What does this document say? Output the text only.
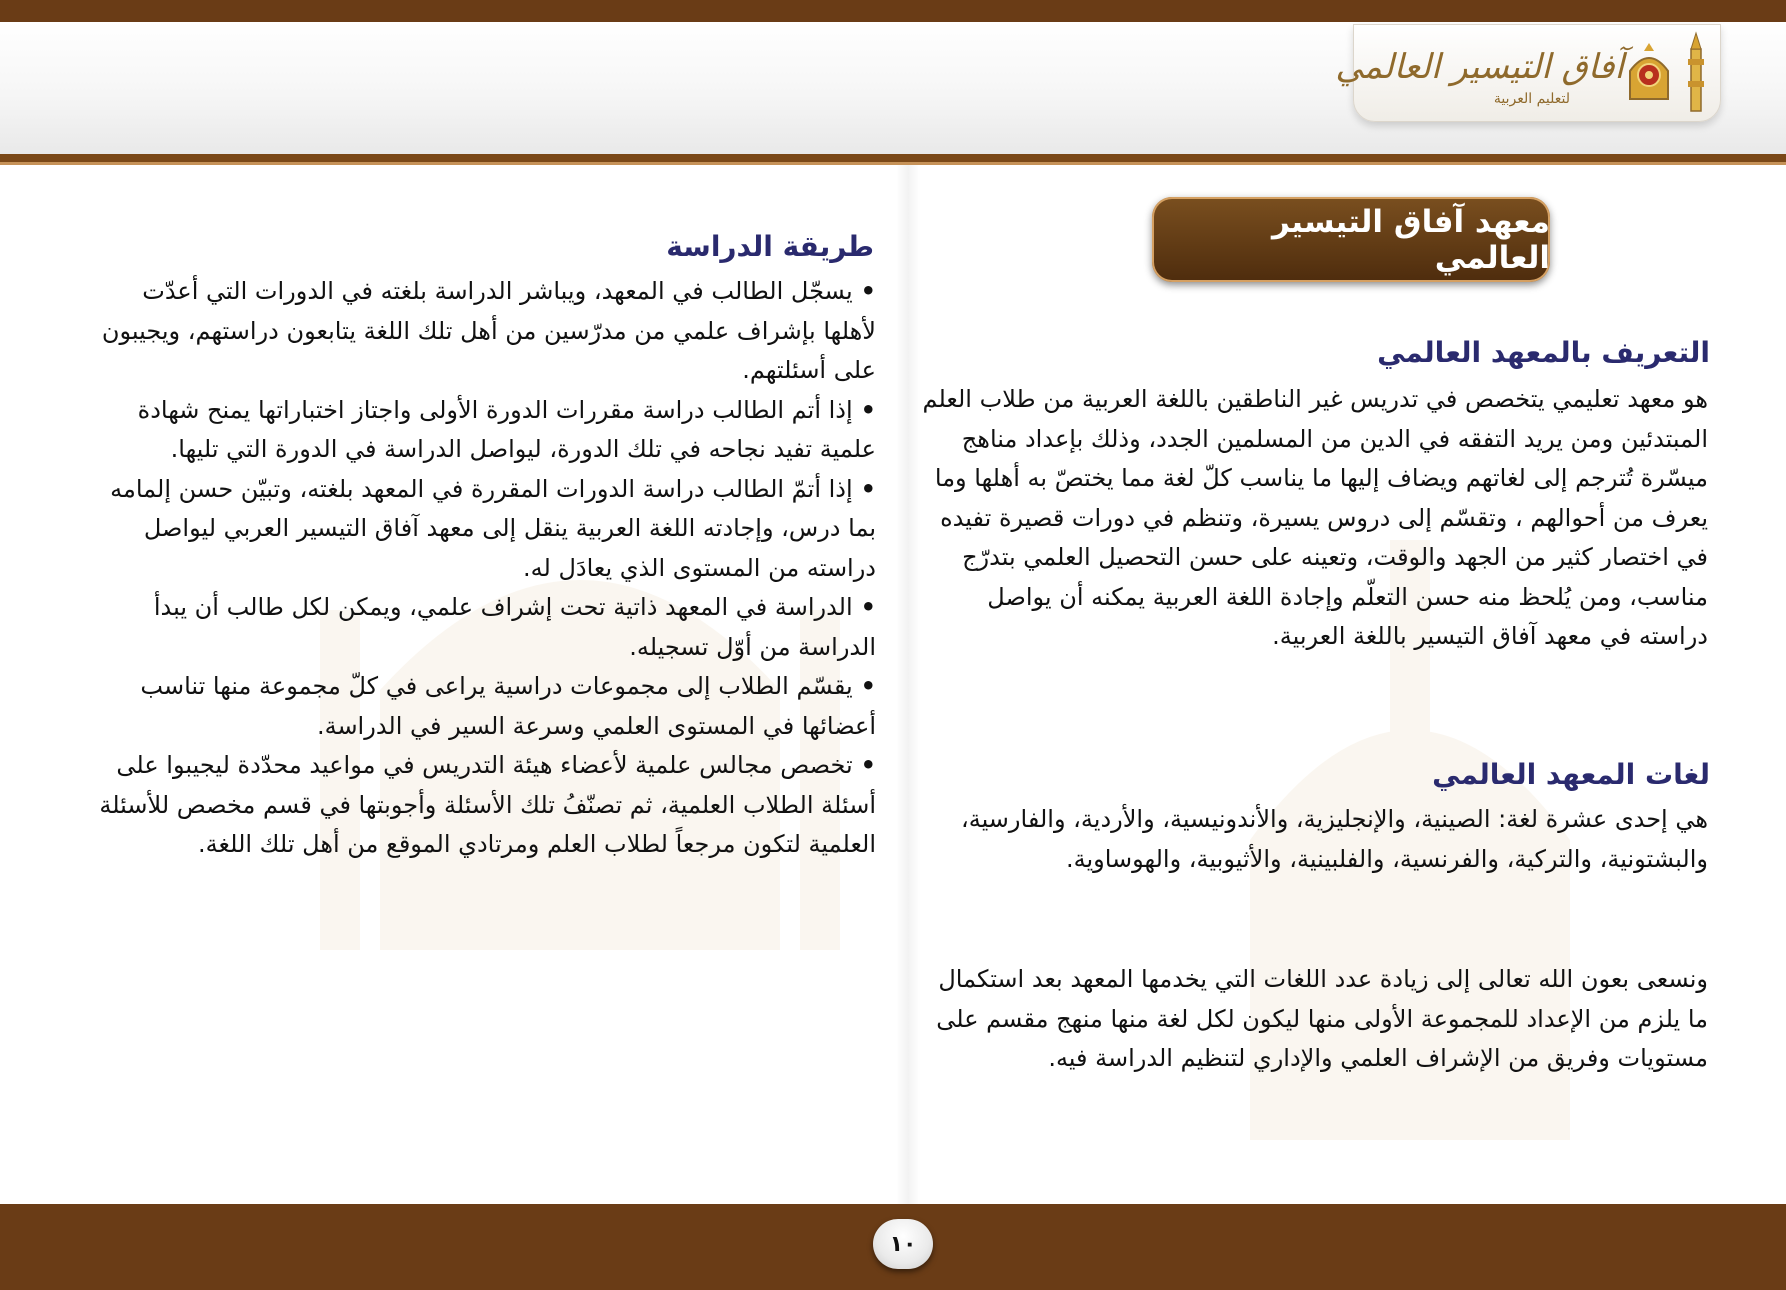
آفاق التيسير العالمي
لتعليم العربية
معهد آفاق التيسير العالمي
التعريف بالمعهد العالمي
هو معهد تعليمي يتخصص في تدريس غير الناطقين باللغة العربية من طلاب العلم المبتدئين ومن يريد التفقه في الدين من المسلمين الجدد، وذلك بإعداد مناهج ميسّرة تُترجم إلى لغاتهم ويضاف إليها ما يناسب كلّ لغة مما يختصّ به أهلها وما يعرف من أحوالهم ، وتقسّم إلى دروس يسيرة، وتنظم في دورات قصيرة تفيده في اختصار كثير من الجهد والوقت، وتعينه على حسن التحصيل العلمي بتدرّج مناسب، ومن يُلحظ منه حسن التعلّم وإجادة اللغة العربية يمكنه أن يواصل دراسته في معهد آفاق التيسير باللغة العربية.
لغات المعهد العالمي
هي إحدى عشرة لغة: الصينية، والإنجليزية، والأندونيسية، والأردية، والفارسية، والبشتونية، والتركية، والفرنسية، والفلبينية، والأثيوبية، والهوساوية.
ونسعى بعون الله تعالى إلى زيادة عدد اللغات التي يخدمها المعهد بعد استكمال ما يلزم من الإعداد للمجموعة الأولى منها ليكون لكل لغة منها منهج مقسم على مستويات وفريق من الإشراف العلمي والإداري لتنظيم الدراسة فيه.
طريقة الدراسة
•يسجّل الطالب في المعهد، ويباشر الدراسة بلغته في الدورات التي أعدّت لأهلها بإشراف علمي من مدرّسين من أهل تلك اللغة يتابعون دراستهم، ويجيبون على أسئلتهم.
•إذا أتم الطالب دراسة مقررات الدورة الأولى واجتاز اختباراتها يمنح شهادة علمية تفيد نجاحه في تلك الدورة، ليواصل الدراسة في الدورة التي تليها.
•إذا أتمّ الطالب دراسة الدورات المقررة في المعهد بلغته، وتبيّن حسن إلمامه بما درس، وإجادته اللغة العربية ينقل إلى معهد آفاق التيسير العربي ليواصل دراسته من المستوى الذي يعادَل له.
•الدراسة في المعهد ذاتية تحت إشراف علمي، ويمكن لكل طالب أن يبدأ الدراسة من أوّل تسجيله.
•يقسّم الطلاب إلى مجموعات دراسية يراعى في كلّ مجموعة منها تناسب أعضائها في المستوى العلمي وسرعة السير في الدراسة.
•تخصص مجالس علمية لأعضاء هيئة التدريس في مواعيد محدّدة ليجيبوا على أسئلة الطلاب العلمية، ثم تصنّفُ تلك الأسئلة وأجوبتها في قسم مخصص للأسئلة العلمية لتكون مرجعاً لطلاب العلم ومرتادي الموقع من أهل تلك اللغة.
١٠
